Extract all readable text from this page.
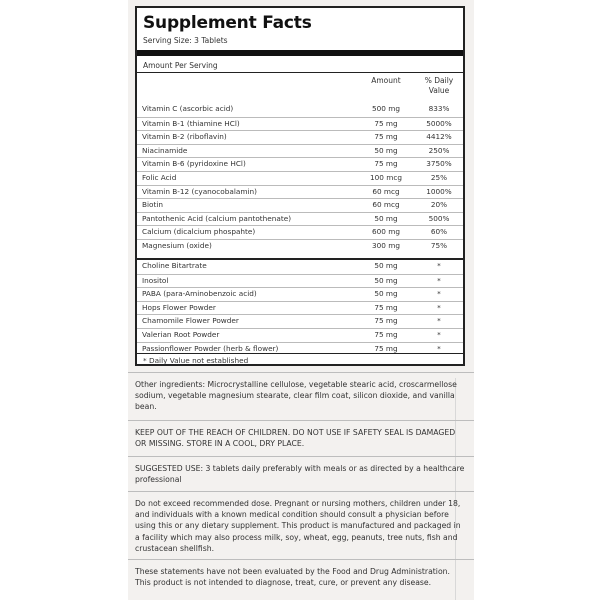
Supplement Facts
Serving Size: 3 Tablets
Amount Per Serving
Amount	% Daily
Value
Vitamin C (ascorbic acid)	500 mg	833%
Vitamin B-1 (thiamine HCl)	75 mg	5000%
Vitamin B-2 (riboflavin)	75 mg	4412%
Niacinamide	50 mg	250%
Vitamin B-6 (pyridoxine HCl)	75 mg	3750%
Folic Acid	100 mcg	25%
Vitamin B-12 (cyanocobalamin)	60 mcg	1000%
Biotin	60 mcg	20%
Pantothenic Acid (calcium pantothenate)	50 mg	500%
Calcium (dicalcium phospahte)	600 mg	60%
Magnesium (oxide)	300 mg	75%
Choline Bitartrate	50 mg	*
Inositol	50 mg	*
PABA (para-Aminobenzoic acid)	50 mg	*
Hops Flower Powder	75 mg	*
Chamomile Flower Powder	75 mg	*
Valerian Root Powder	75 mg	*
Passionflower Powder (herb & flower)	75 mg	*
* Daily Value not established
Other ingredients: Microcrystalline cellulose, vegetable stearic acid, croscarmellose sodium, vegetable magnesium stearate, clear film coat, silicon dioxide, and vanilla bean.
KEEP OUT OF THE REACH OF CHILDREN. DO NOT USE IF SAFETY SEAL IS DAMAGED OR MISSING. STORE IN A COOL, DRY PLACE.
SUGGESTED USE: 3 tablets daily preferably with meals or as directed by a healthcare professional
Do not exceed recommended dose. Pregnant or nursing mothers, children under 18, and individuals with a known medical condition should consult a physician before using this or any dietary supplement. This product is manufactured and packaged in a facility which may also process milk, soy, wheat, egg, peanuts, tree nuts, fish and crustacean shellfish.
These statements have not been evaluated by the Food and Drug Administration. This product is not intended to diagnose, treat, cure, or prevent any disease.
